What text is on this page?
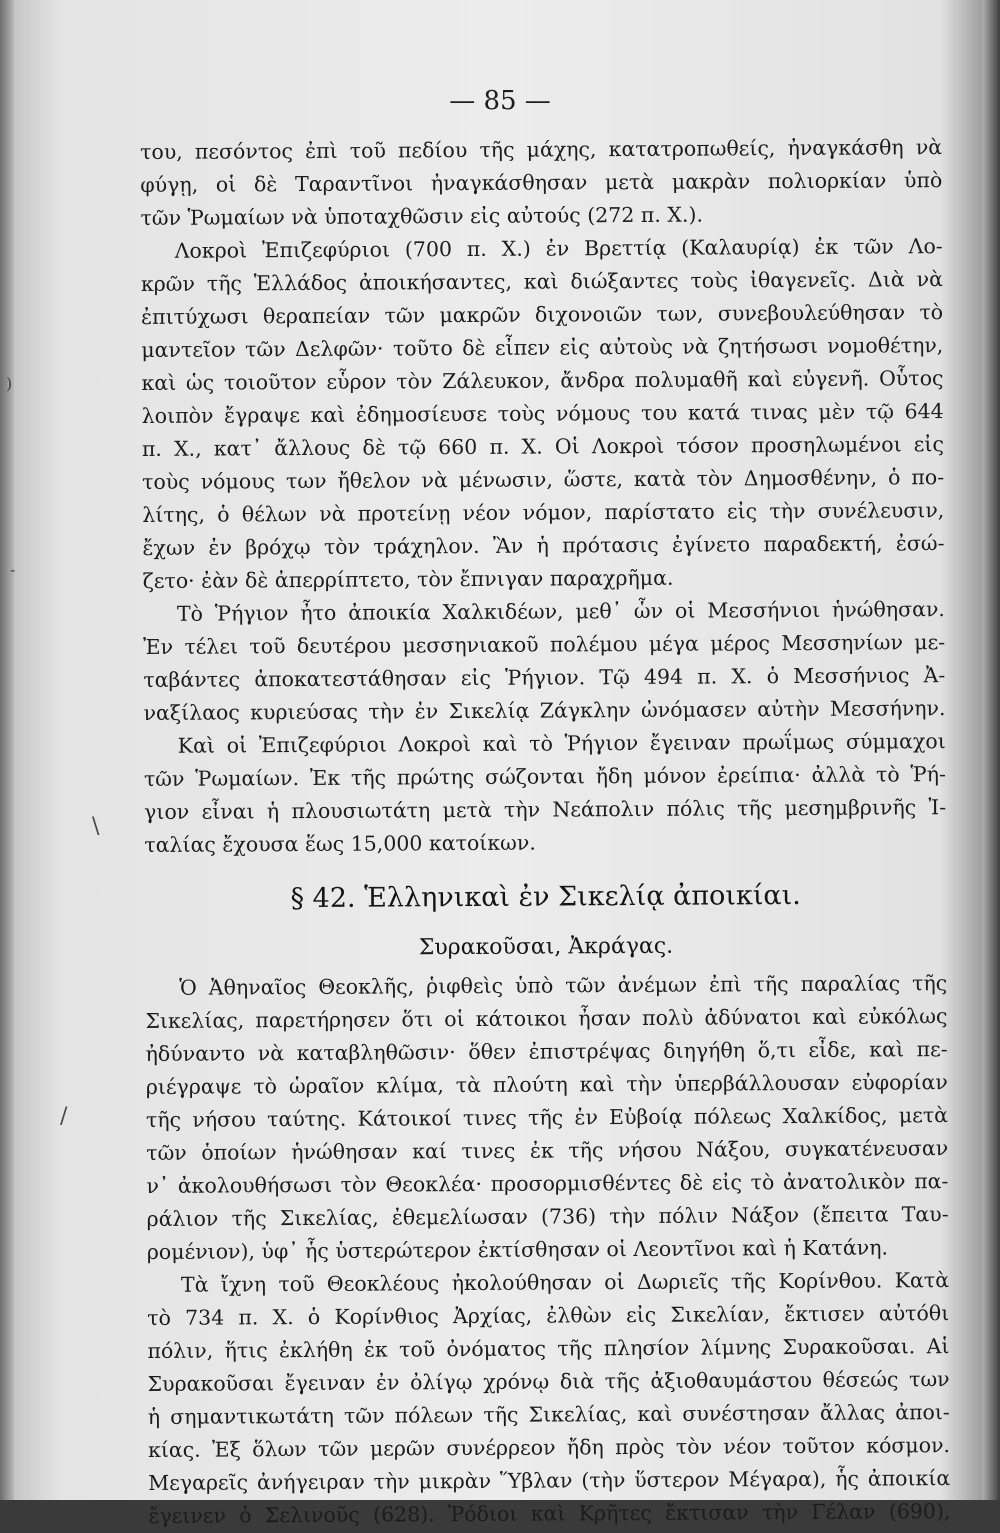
— 85 —
\
/
-
)
του, πεσόντος ἐπὶ τοῦ πεδίου τῆς μάχης, κατατροπωθείς, ἠναγκάσθη νὰ
φύγῃ, οἱ δὲ Ταραντῖνοι ἠναγκάσθησαν μετὰ μακρὰν πολιορκίαν ὑπὸ
τῶν Ῥωμαίων νὰ ὑποταχθῶσιν εἰς αὐτούς (272 π. Χ.).
Λοκροὶ Ἐπιζεφύριοι (700 π. Χ.) ἐν Βρεττίᾳ (Καλαυρίᾳ) ἐκ τῶν Λο-
κρῶν τῆς Ἑλλάδος ἀποικήσαντες, καὶ διώξαντες τοὺς ἰθαγενεῖς. Διὰ νὰ
ἐπιτύχωσι θεραπείαν τῶν μακρῶν διχονοιῶν των, συνεβουλεύθησαν τὸ
μαντεῖον τῶν Δελφῶν· τοῦτο δὲ εἶπεν εἰς αὐτοὺς νὰ ζητήσωσι νομοθέτην,
καὶ ὡς τοιοῦτον εὗρον τὸν Ζάλευκον, ἄνδρα πολυμαθῆ καὶ εὐγενῆ. Οὗτος
λοιπὸν ἔγραψε καὶ ἐδημοσίευσε τοὺς νόμους του κατά τινας μὲν τῷ 644
π. Χ., κατ᾽ ἄλλους δὲ τῷ 660 π. Χ. Οἱ Λοκροὶ τόσον προσηλωμένοι εἰς
τοὺς νόμους των ἤθελον νὰ μένωσιν, ὥστε, κατὰ τὸν Δημοσθένην, ὁ πο-
λίτης, ὁ θέλων νὰ προτείνῃ νέον νόμον, παρίστατο εἰς τὴν συνέλευσιν,
ἔχων ἐν βρόχῳ τὸν τράχηλον. Ἂν ἡ πρότασις ἐγίνετο παραδεκτή, ἐσώ-
ζετο· ἐὰν δὲ ἀπερρίπτετο, τὸν ἔπνιγαν παραχρῆμα.
Τὸ Ῥήγιον ἦτο ἀποικία Χαλκιδέων, μεθ᾽ ὧν οἱ Μεσσήνιοι ἡνώθησαν.
Ἐν τέλει τοῦ δευτέρου μεσσηνιακοῦ πολέμου μέγα μέρος Μεσσηνίων με-
ταβάντες ἀποκατεστάθησαν εἰς Ῥήγιον. Τῷ 494 π. Χ. ὁ Μεσσήνιος Ἀ-
ναξίλαος κυριεύσας τὴν ἐν Σικελίᾳ Ζάγκλην ὠνόμασεν αὐτὴν Μεσσήνην.
Καὶ οἱ Ἐπιζεφύριοι Λοκροὶ καὶ τὸ Ῥήγιον ἔγειναν πρωΐμως σύμμαχοι
τῶν Ῥωμαίων. Ἐκ τῆς πρώτης σώζονται ἤδη μόνον ἐρείπια· ἀλλὰ τὸ Ῥή-
γιον εἶναι ἡ πλουσιωτάτη μετὰ τὴν Νεάπολιν πόλις τῆς μεσημβρινῆς Ἰ-
ταλίας ἔχουσα ἕως 15,000 κατοίκων.
§ 42. Ἑλληνικαὶ ἐν Σικελίᾳ ἀποικίαι.
Συρακοῦσαι, Ἀκράγας.
Ὁ Ἀθηναῖος Θεοκλῆς, ῥιφθεὶς ὑπὸ τῶν ἀνέμων ἐπὶ τῆς παραλίας τῆς
Σικελίας, παρετήρησεν ὅτι οἱ κάτοικοι ἦσαν πολὺ ἀδύνατοι καὶ εὐκόλως
ἠδύναντο νὰ καταβληθῶσιν· ὅθεν ἐπιστρέψας διηγήθη ὅ,τι εἶδε, καὶ πε-
ριέγραψε τὸ ὡραῖον κλίμα, τὰ πλούτη καὶ τὴν ὑπερβάλλουσαν εὐφορίαν
τῆς νήσου ταύτης. Κάτοικοί τινες τῆς ἐν Εὐβοίᾳ πόλεως Χαλκίδος, μετὰ
τῶν ὁποίων ἡνώθησαν καί τινες ἐκ τῆς νήσου Νάξου, συγκατένευσαν
ν᾽ ἀκολουθήσωσι τὸν Θεοκλέα· προσορμισθέντες δὲ εἰς τὸ ἀνατολικὸν πα-
ράλιον τῆς Σικελίας, ἐθεμελίωσαν (736) τὴν πόλιν Νάξον (ἔπειτα Ταυ-
ρομένιον), ὑφ᾽ ἧς ὑστερώτερον ἐκτίσθησαν οἱ Λεοντῖνοι καὶ ἡ Κατάνη.
Τὰ ἴχνη τοῦ Θεοκλέους ἠκολούθησαν οἱ Δωριεῖς τῆς Κορίνθου. Κατὰ
τὸ 734 π. Χ. ὁ Κορίνθιος Ἀρχίας, ἐλθὼν εἰς Σικελίαν, ἔκτισεν αὐτόθι
πόλιν, ἥτις ἐκλήθη ἐκ τοῦ ὀνόματος τῆς πλησίον λίμνης Συρακοῦσαι. Αἱ
Συρακοῦσαι ἔγειναν ἐν ὀλίγῳ χρόνῳ διὰ τῆς ἀξιοθαυμάστου θέσεώς των
ἡ σημαντικωτάτη τῶν πόλεων τῆς Σικελίας, καὶ συνέστησαν ἄλλας ἀποι-
κίας. Ἐξ ὅλων τῶν μερῶν συνέρρεον ἤδη πρὸς τὸν νέον τοῦτον κόσμον.
Μεγαρεῖς ἀνήγειραν τὴν μικρὰν Ὕβλαν (τὴν ὕστερον Μέγαρα), ἧς ἀποικία
ἔγεινεν ὁ Σελινοῦς (628). Ῥόδιοι καὶ Κρῆτες ἔκτισαν τὴν Γέλαν (690),
